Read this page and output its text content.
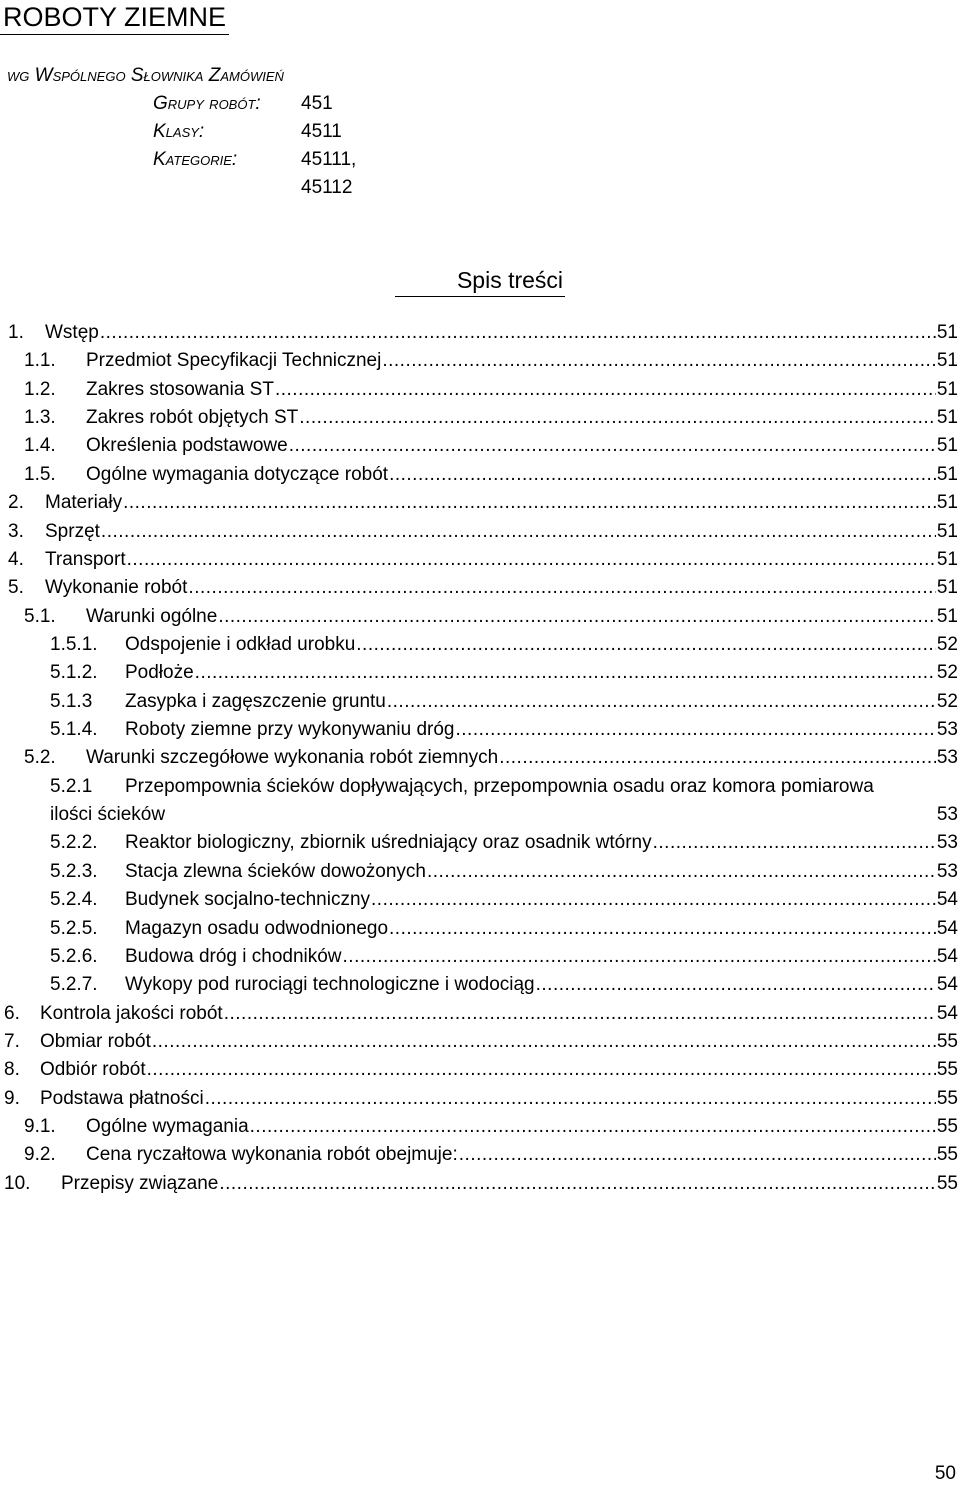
ROBOTY ZIEMNE
wg Wspólnego Słownika Zamówień
Grupy robót: 451
Klasy:	4511
Kategorie:	45111, 45112
Spis treści
1.	Wstęp .....	51
1.1.	Przedmiot Specyfikacji Technicznej .....	51
1.2.	Zakres stosowania ST .....	51
1.3.	Zakres robót objętych ST .....	51
1.4.	Określenia podstawowe .....	51
1.5.	Ogólne wymagania dotyczące robót .....	51
2.	Materiały .....	51
3.	Sprzęt .....	51
4.	Transport .....	51
5.	Wykonanie robót .....	51
5.1.	Warunki ogólne .....	51
1.5.1.	Odspojenie i odkład urobku .....	52
5.1.2.	Podłoże .....	52
5.1.3	Zasypka i zagęszczenie gruntu .....	52
5.1.4.	Roboty ziemne przy wykonywaniu dróg .....	53
5.2.	Warunki szczegółowe wykonania robót ziemnych .....	53
5.2.1	Przepompownia ścieków dopływających, przepompownia osadu oraz komora pomiarowa
ilości ścieków	53
5.2.2.	Reaktor biologiczny, zbiornik uśredniający oraz osadnik wtórny .....	53
5.2.3.	Stacja zlewna ścieków dowożonych .....	53
5.2.4.	Budynek socjalno-techniczny .....	54
5.2.5.	Magazyn osadu odwodnionego .....	54
5.2.6.	Budowa dróg i chodników .....	54
5.2.7.	Wykopy pod rurociągi technologiczne i wodociąg .....	54
6.	Kontrola jakości robót .....	54
7.	Obmiar robót .....	55
8.	Odbiór robót .....	55
9.	Podstawa płatności .....	55
9.1.	Ogólne wymagania .....	55
9.2.	Cena ryczałtowa wykonania robót obejmuje: .....	55
10.	Przepisy związane .....	55
50
